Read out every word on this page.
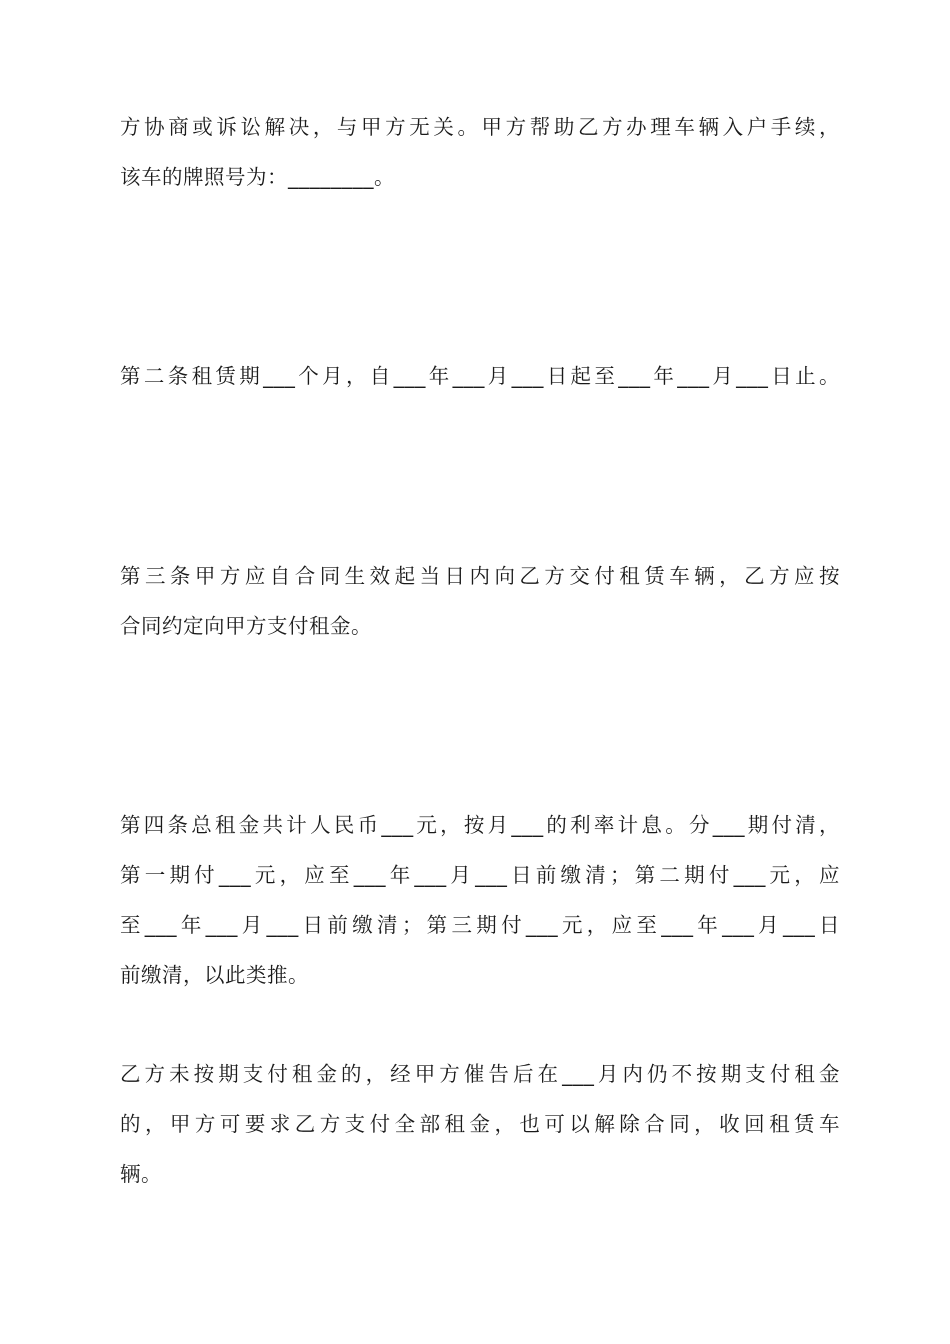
方协商或诉讼解决，与甲方无关。甲方帮助乙方办理车辆入户手续，
该车的牌照号为：________。
第二条租赁期___个月，自___年___月___日起至___年___月___日止。
第三条甲方应自合同生效起当日内向乙方交付租赁车辆，乙方应按
合同约定向甲方支付租金。
第四条总租金共计人民币___元，按月___的利率计息。分___期付清，
第一期付___元，应至___年___月___日前缴清；第二期付___元，应
至___年___月___日前缴清；第三期付___元，应至___年___月___日
前缴清，以此类推。
乙方未按期支付租金的，经甲方催告后在___月内仍不按期支付租金
的，甲方可要求乙方支付全部租金，也可以解除合同，收回租赁车
辆。
